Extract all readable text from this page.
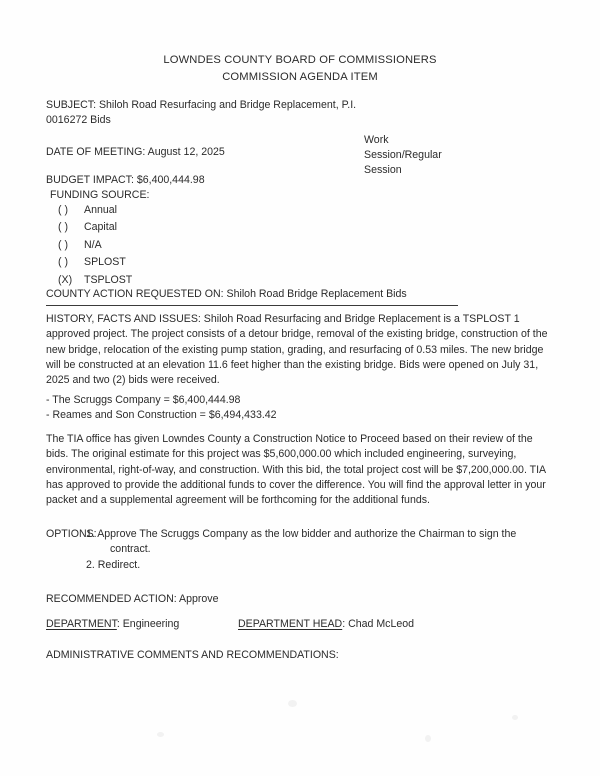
LOWNDES COUNTY BOARD OF COMMISSIONERS
COMMISSION AGENDA ITEM
SUBJECT: Shiloh Road Resurfacing and Bridge Replacement, P.I.
0016272 Bids
DATE OF MEETING: August 12, 2025
Work
Session/Regular
Session
BUDGET IMPACT: $6,400,444.98
FUNDING SOURCE:
( ) Annual
( ) Capital
( ) N/A
( ) SPLOST
(X) TSPLOST
COUNTY ACTION REQUESTED ON: Shiloh Road Bridge Replacement Bids
HISTORY, FACTS AND ISSUES: Shiloh Road Resurfacing and Bridge Replacement is a TSPLOST 1 approved project. The project consists of a detour bridge, removal of the existing bridge, construction of the new bridge, relocation of the existing pump station, grading, and resurfacing of 0.53 miles. The new bridge will be constructed at an elevation 11.6 feet higher than the existing bridge. Bids were opened on July 31, 2025 and two (2) bids were received.
- The Scruggs Company = $6,400,444.98
- Reames and Son Construction = $6,494,433.42
The TIA office has given Lowndes County a Construction Notice to Proceed based on their review of the bids. The original estimate for this project was $5,600,000.00 which included engineering, surveying, environmental, right-of-way, and construction. With this bid, the total project cost will be $7,200,000.00. TIA has approved to provide the additional funds to cover the difference. You will find the approval letter in your packet and a supplemental agreement will be forthcoming for the additional funds.
OPTIONS:
1. Approve The Scruggs Company as the low bidder and authorize the Chairman to sign the
contract.
2. Redirect.
RECOMMENDED ACTION: Approve
DEPARTMENT: Engineering	DEPARTMENT HEAD: Chad McLeod
ADMINISTRATIVE COMMENTS AND RECOMMENDATIONS:
